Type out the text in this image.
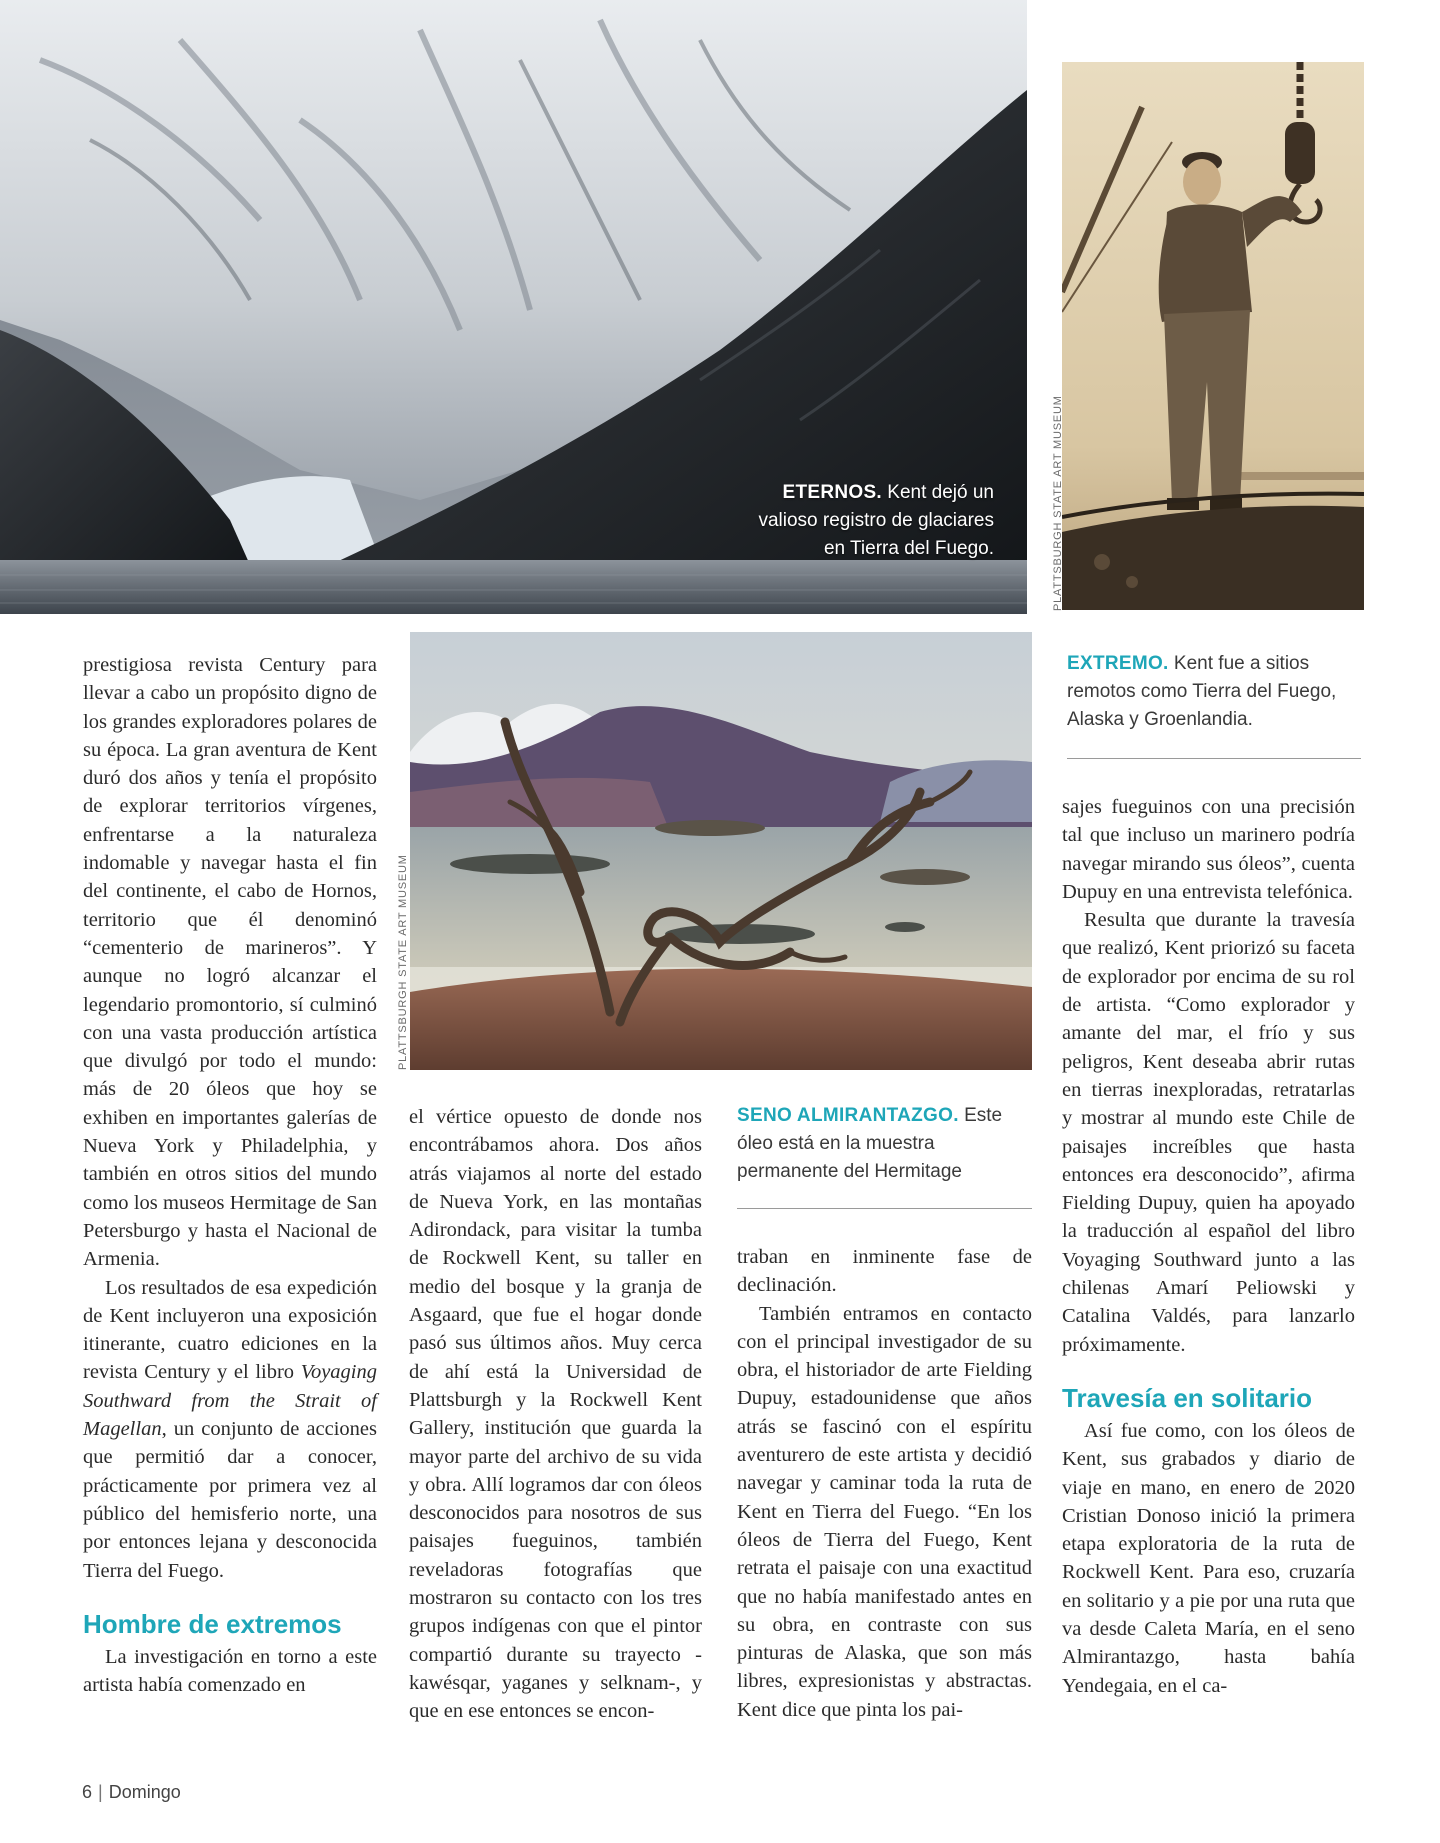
ETERNOS. Kent dejó un
valioso registro de glaciares
en Tierra del Fuego.	PLATTSBURGH STATE ART MUSEUM
EXTREMO. Kent fue a sitios
remotos como Tierra del Fuego,
Alaska y Groenlandia.
PLATTSBURGH STATE ART MUSEUM
SENO ALMIRANTAZGO. Este
óleo está en la muestra
permanente del Hermitage

prestigiosa revista Century para llevar a cabo un propósito digno de los grandes exploradores polares de su época. La gran aventura de Kent duró dos años y tenía el propósito de explorar territorios vírgenes, enfrentarse a la naturaleza indomable y navegar hasta el fin del continente, el cabo de Hornos, territorio que él denominó “cementerio de marineros”. Y aunque no logró alcanzar el legendario promontorio, sí culminó con una vasta producción artística que divulgó por todo el mundo: más de 20 óleos que hoy se exhiben en importantes galerías de Nueva York y Philadelphia, y también en otros sitios del mundo como los museos Hermitage de San Petersburgo y hasta el Nacional de Armenia.

Los resultados de esa expedición de Kent incluyeron una exposición itinerante, cuatro ediciones en la revista Century y el libro Voyaging Southward from the Strait of Magellan, un conjunto de acciones que permitió dar a conocer, prácticamente por primera vez al público del hemisferio norte, una por entonces lejana y desconocida Tierra del Fuego.

Hombre de extremos

La investigación en torno a este artista había comenzado en

el vértice opuesto de donde nos encontrábamos ahora. Dos años atrás viajamos al norte del estado de Nueva York, en las montañas Adirondack, para visitar la tumba de Rockwell Kent, su taller en medio del bosque y la granja de Asgaard, que fue el hogar donde pasó sus últimos años. Muy cerca de ahí está la Universidad de Plattsburgh y la Rockwell Kent Gallery, institución que guarda la mayor parte del archivo de su vida y obra. Allí logramos dar con óleos desconocidos para nosotros de sus paisajes fueguinos, también reveladoras fotografías que mostraron su contacto con los tres grupos indígenas con que el pintor compartió durante su trayecto -kawésqar, yaganes y selknam-, y que en ese entonces se encon-

traban en inminente fase de declinación.

También entramos en contacto con el principal investigador de su obra, el historiador de arte Fielding Dupuy, estadounidense que años atrás se fascinó con el espíritu aventurero de este artista y decidió navegar y caminar toda la ruta de Kent en Tierra del Fuego. “En los óleos de Tierra del Fuego, Kent retrata el paisaje con una exactitud que no había manifestado antes en su obra, en contraste con sus pinturas de Alaska, que son más libres, expresionistas y abstractas. Kent dice que pinta los pai-

sajes fueguinos con una precisión tal que incluso un marinero podría navegar mirando sus óleos”, cuenta Dupuy en una entrevista telefónica.

Resulta que durante la travesía que realizó, Kent priorizó su faceta de explorador por encima de su rol de artista. “Como explorador y amante del mar, el frío y sus peligros, Kent deseaba abrir rutas en tierras inexploradas, retratarlas y mostrar al mundo este Chile de paisajes increíbles que hasta entonces era desconocido”, afirma Fielding Dupuy, quien ha apoyado la traducción al español del libro Voyaging Southward junto a las chilenas Amarí Peliowski y Catalina Valdés, para lanzarlo próximamente.

Travesía en solitario

Así fue como, con los óleos de Kent, sus grabados y diario de viaje en mano, en enero de 2020 Cristian Donoso inició la primera etapa exploratoria de la ruta de Rockwell Kent. Para eso, cruzaría en solitario y a pie por una ruta que va desde Caleta María, en el seno Almirantazgo, hasta bahía Yendegaia, en el ca-

6 | Domingo
